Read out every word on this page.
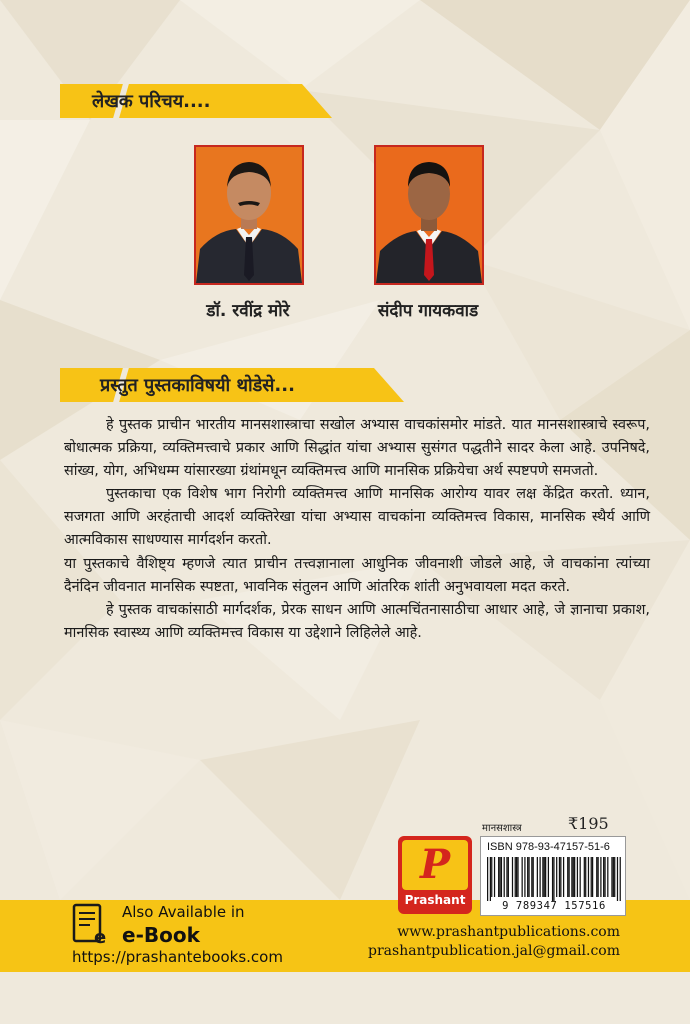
लेखक परिचय....
डॉ. रवींद्र मोरे	संदीप गायकवाड
प्रस्तुत पुस्तकाविषयी थोडेसे...

हे पुस्तक प्राचीन भारतीय मानसशास्त्राचा सखोल अभ्यास वाचकांसमोर मांडते. यात मानसशास्त्राचे स्वरूप, बोधात्मक प्रक्रिया, व्यक्तिमत्त्वाचे प्रकार आणि सिद्धांत यांचा अभ्यास सुसंगत पद्धतीने सादर केला आहे. उपनिषदे, सांख्य, योग, अभिधम्म यांसारख्या ग्रंथांमधून व्यक्तिमत्त्व आणि मानसिक प्रक्रियेचा अर्थ स्पष्टपणे समजतो.

पुस्तकाचा एक विशेष भाग निरोगी व्यक्तिमत्त्व आणि मानसिक आरोग्य यावर लक्ष केंद्रित करतो. ध्यान, सजगता आणि अरहंताची आदर्श व्यक्तिरेखा यांचा अभ्यास वाचकांना व्यक्तिमत्त्व विकास, मानसिक स्थैर्य आणि आत्मविकास साधण्यास मार्गदर्शन करतो.

या पुस्तकाचे वैशिष्ट्य म्हणजे त्यात प्राचीन तत्त्वज्ञानाला आधुनिक जीवनाशी जोडले आहे, जे वाचकांना त्यांच्या दैनंदिन जीवनात मानसिक स्पष्टता, भावनिक संतुलन आणि आंतरिक शांती अनुभवायला मदत करते.

हे पुस्तक वाचकांसाठी मार्गदर्शक, प्रेरक साधन आणि आत्मचिंतनासाठीचा आधार आहे, जे ज्ञानाचा प्रकाश, मानसिक स्वास्थ्य आणि व्यक्तिमत्त्व विकास या उद्देशाने लिहिलेले आहे.

e
Also Available in
e-Book
https://prashantebooks.com
www.prashantpublications.com
prashantpublication.jal@gmail.com
P
Prashant
मानसशास्त्र	₹195
ISBN 978-93-47157-51-6
9 789347 157516
